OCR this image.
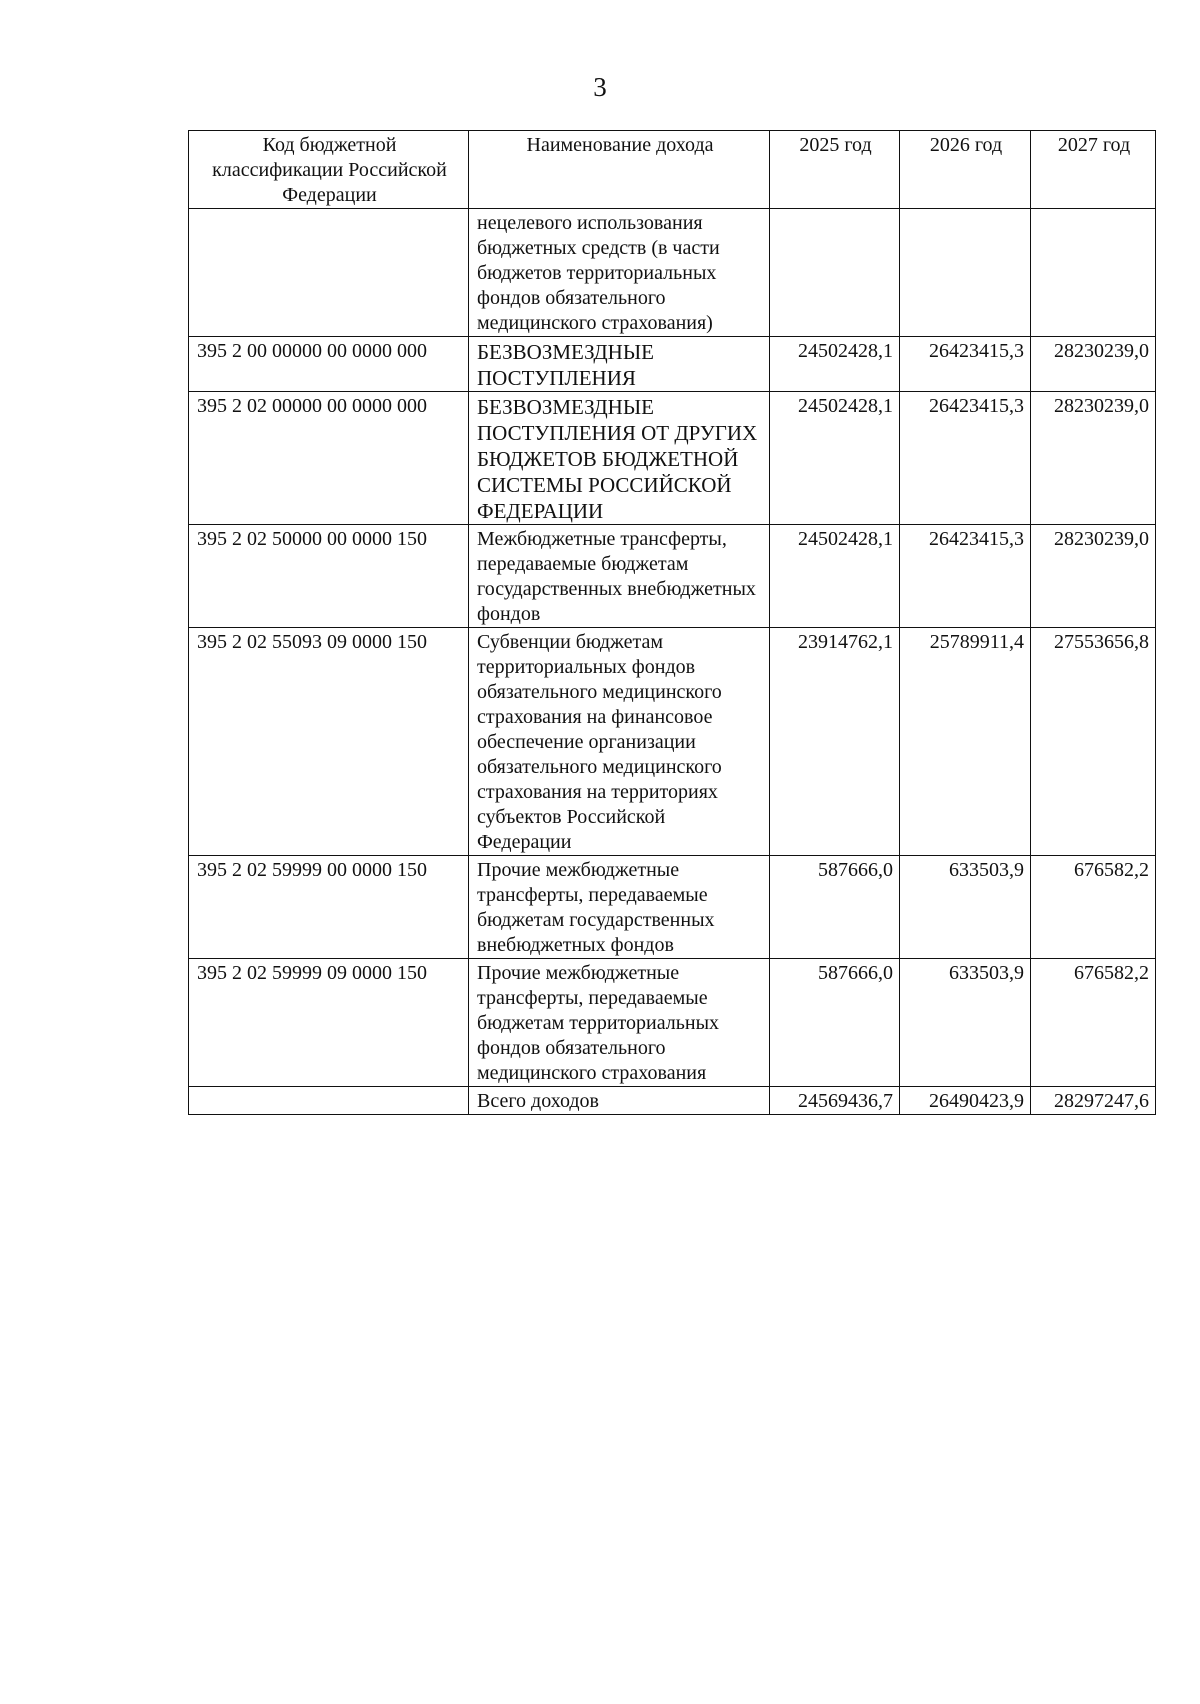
3
Код бюджетной классификации Российской Федерации	Наименование дохода	2025 год	2026 год	2027 год
	нецелевого использования бюджетных средств (в части бюджетов территориальных фондов обязательного медицинского страхования)			
395 2 00 00000 00 0000 000	БЕЗВОЗМЕЗДНЫЕ ПОСТУПЛЕНИЯ	24502428,1	26423415,3	28230239,0
395 2 02 00000 00 0000 000	БЕЗВОЗМЕЗДНЫЕ ПОСТУПЛЕНИЯ ОТ ДРУГИХ БЮДЖЕТОВ БЮДЖЕТНОЙ СИСТЕМЫ РОССИЙСКОЙ ФЕДЕРАЦИИ	24502428,1	26423415,3	28230239,0
395 2 02 50000 00 0000 150	Межбюджетные трансферты, передаваемые бюджетам государственных внебюджетных фондов	24502428,1	26423415,3	28230239,0
395 2 02 55093 09 0000 150	Субвенции бюджетам территориальных фондов обязательного медицинского страхования на финансовое обеспечение организации обязательного медицинского страхования на территориях субъектов Российской Федерации	23914762,1	25789911,4	27553656,8
395 2 02 59999 00 0000 150	Прочие межбюджетные трансферты, передаваемые бюджетам государственных внебюджетных фондов	587666,0	633503,9	676582,2
395 2 02 59999 09 0000 150	Прочие межбюджетные трансферты, передаваемые бюджетам территориальных фондов обязательного медицинского страхования	587666,0	633503,9	676582,2
	Всего доходов	24569436,7	26490423,9	28297247,6
